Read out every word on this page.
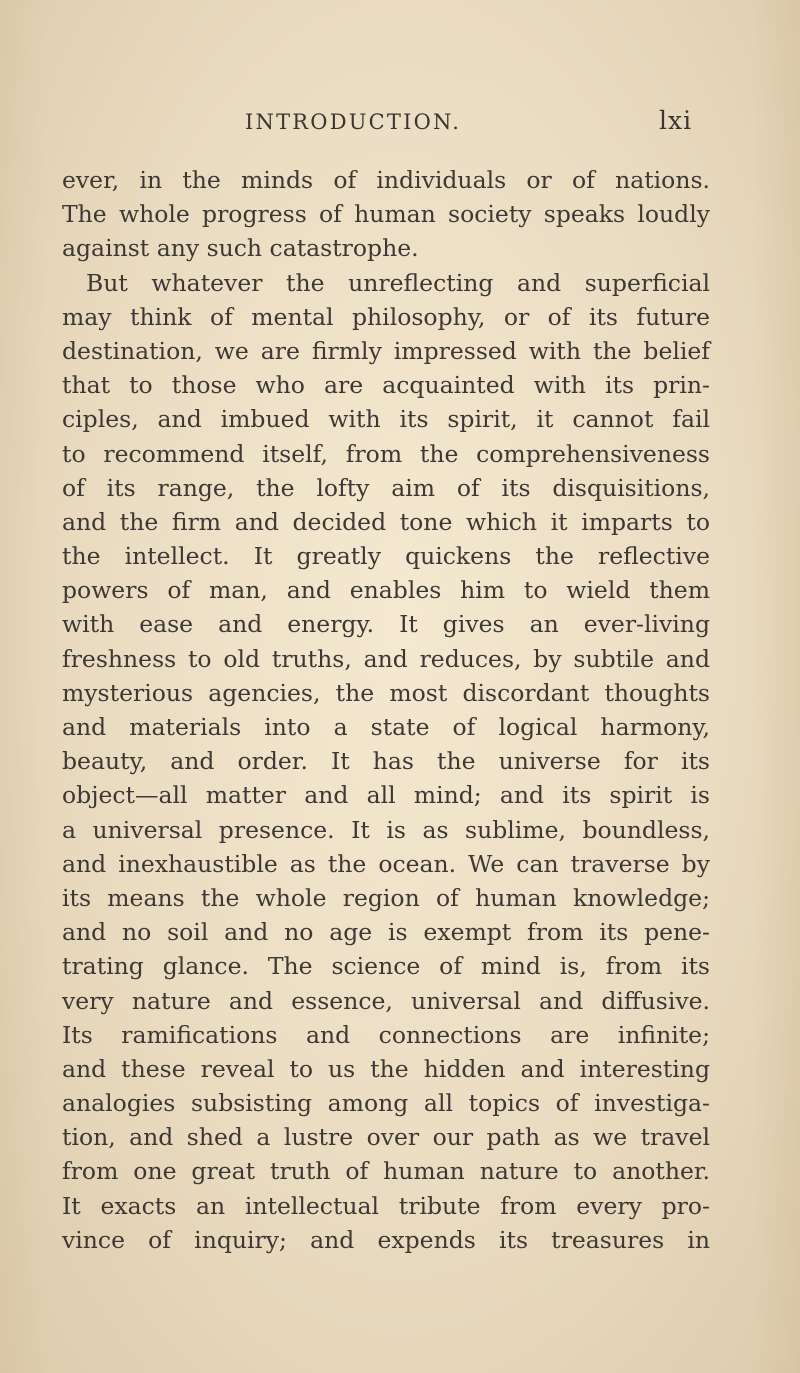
INTRODUCTION.	lxi
ever, in the minds of individuals or of nations.
The whole progress of human society speaks loudly
against any such catastrophe.
But whatever the unreflecting and superficial
may think of mental philosophy, or of its future
destination, we are firmly impressed with the belief
that to those who are acquainted with its prin-
ciples, and imbued with its spirit, it cannot fail
to recommend itself, from the comprehensiveness
of its range, the lofty aim of its disquisitions,
and the firm and decided tone which it imparts to
the intellect. It greatly quickens the reflective
powers of man, and enables him to wield them
with ease and energy. It gives an ever-living
freshness to old truths, and reduces, by subtile and
mysterious agencies, the most discordant thoughts
and materials into a state of logical harmony,
beauty, and order. It has the universe for its
object—all matter and all mind; and its spirit is
a universal presence. It is as sublime, boundless,
and inexhaustible as the ocean. We can traverse by
its means the whole region of human knowledge;
and no soil and no age is exempt from its pene-
trating glance. The science of mind is, from its
very nature and essence, universal and diffusive.
Its ramifications and connections are infinite;
and these reveal to us the hidden and interesting
analogies subsisting among all topics of investiga-
tion, and shed a lustre over our path as we travel
from one great truth of human nature to another.
It exacts an intellectual tribute from every pro-
vince of inquiry; and expends its treasures in
